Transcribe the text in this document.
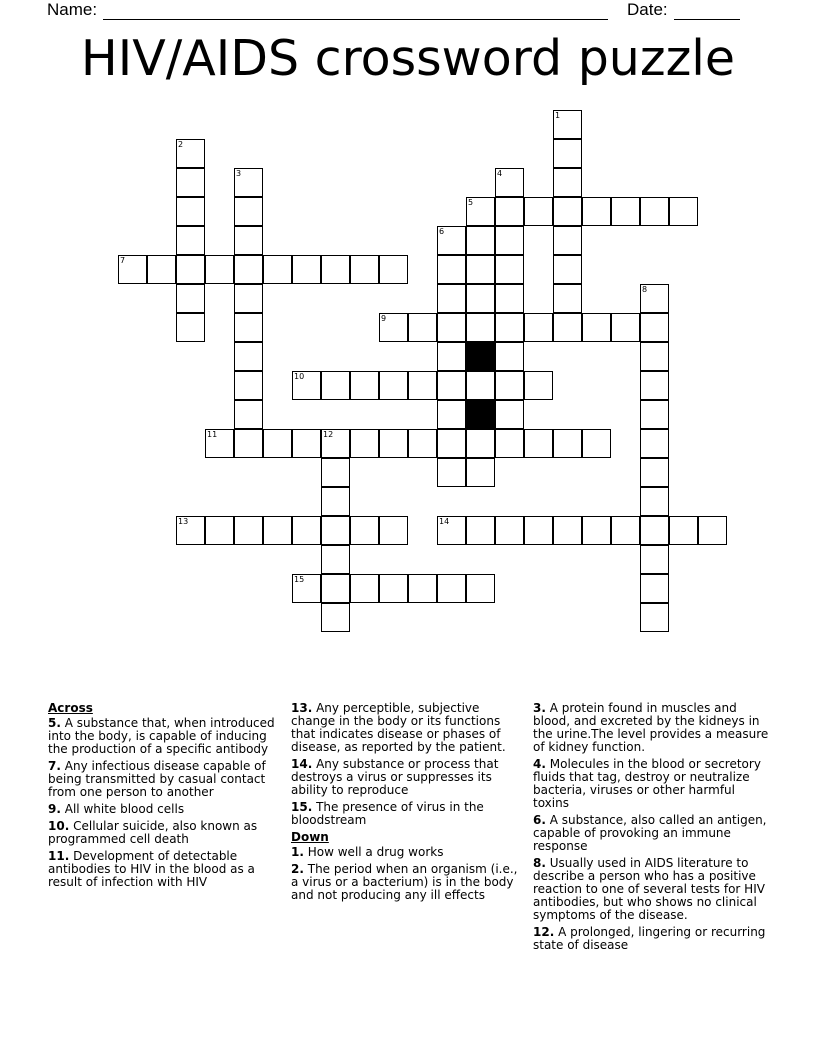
Name:	Date:
HIV/AIDS crossword puzzle
1
2
3	4
5
6
7
8
9
10
11	12
13	14
15
Across
5. A substance that, when introduced into the body, is capable of inducing the production of a specific antibody
7. Any infectious disease capable of being transmitted by casual contact from one person to another
9. All white blood cells
10. Cellular suicide, also known as programmed cell death
11. Development of detectable antibodies to HIV in the blood as a result of infection with HIV
13. Any perceptible, subjective change in the body or its functions that indicates disease or phases of disease, as reported by the patient.
14. Any substance or process that destroys a virus or suppresses its ability to reproduce
15. The presence of virus in the bloodstream
Down
1. How well a drug works
2. The period when an organism (i.e., a virus or a bacterium) is in the body and not producing any ill effects
3. A protein found in muscles and blood, and excreted by the kidneys in the urine.The level provides a measure of kidney function.
4. Molecules in the blood or secretory fluids that tag, destroy or neutralize bacteria, viruses or other harmful toxins
6. A substance, also called an antigen, capable of provoking an immune response
8. Usually used in AIDS literature to describe a person who has a positive reaction to one of several tests for HIV antibodies, but who shows no clinical symptoms of the disease.
12. A prolonged, lingering or recurring state of disease
